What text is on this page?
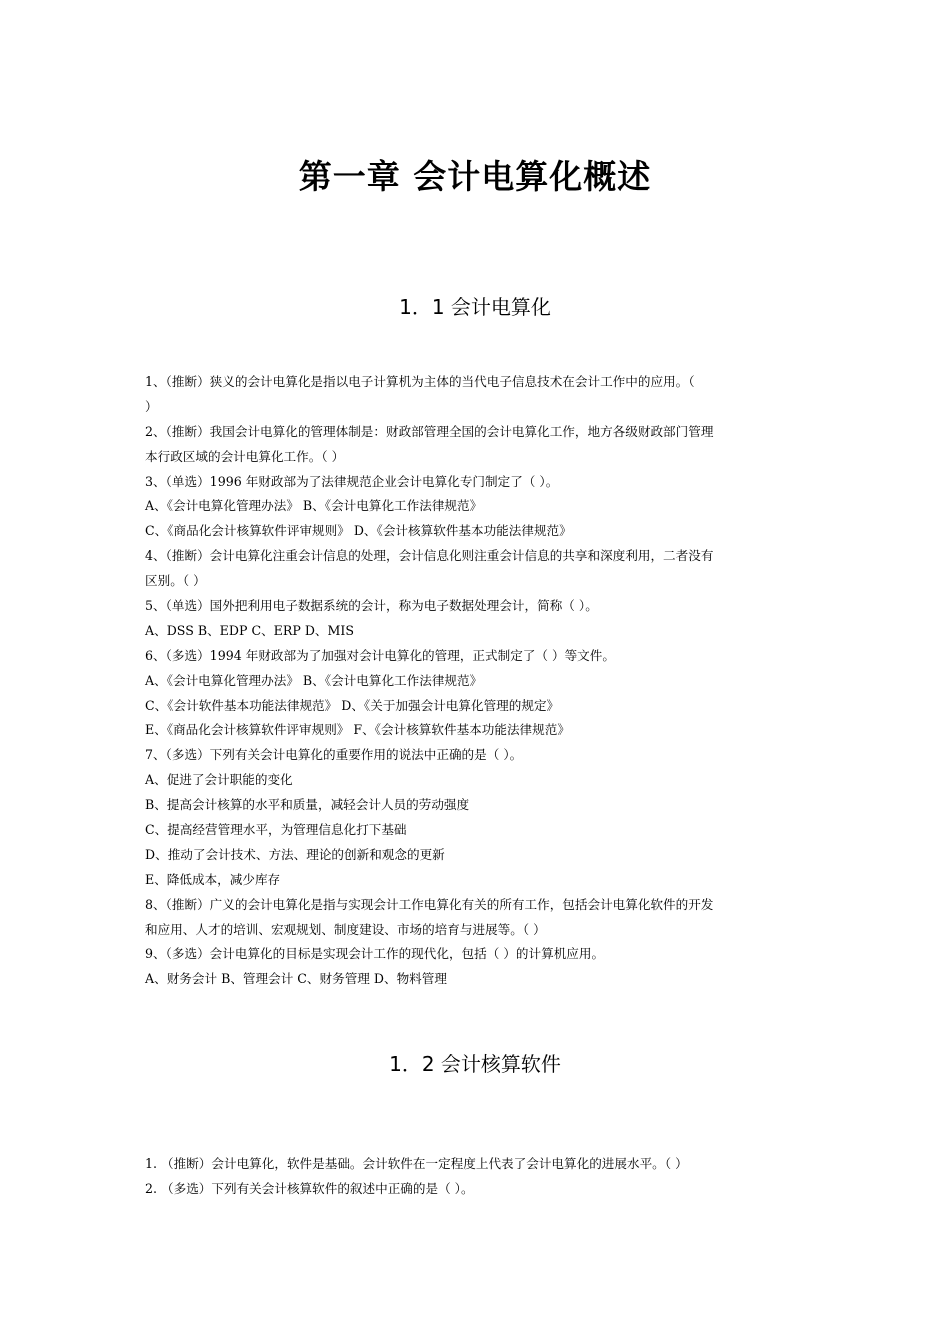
第一章 会计电算化概述
1．1 会计电算化
1、（推断）狭义的会计电算化是指以电子计算机为主体的当代电子信息技术在会计工作中的应用。（
）
2、（推断）我国会计电算化的管理体制是：财政部管理全国的会计电算化工作，地方各级财政部门管理
本行政区域的会计电算化工作。（ ）
3、（单选）1996 年财政部为了法律规范企业会计电算化专门制定了（ ）。
A、《会计电算化管理办法》 B、《会计电算化工作法律规范》
C、《商品化会计核算软件评审规则》 D、《会计核算软件基本功能法律规范》
4、（推断）会计电算化注重会计信息的处理，会计信息化则注重会计信息的共享和深度利用，二者没有
区别。（ ）
5、（单选）国外把利用电子数据系统的会计，称为电子数据处理会计，简称（ ）。
A、DSS B、EDP C、ERP D、MIS
6、（多选）1994 年财政部为了加强对会计电算化的管理，正式制定了（ ）等文件。
A、《会计电算化管理办法》 B、《会计电算化工作法律规范》
C、《会计软件基本功能法律规范》 D、《关于加强会计电算化管理的规定》
E、《商品化会计核算软件评审规则》 F、《会计核算软件基本功能法律规范》
7、（多选）下列有关会计电算化的重要作用的说法中正确的是（ ）。
A、促进了会计职能的变化
B、提高会计核算的水平和质量，减轻会计人员的劳动强度
C、提高经营管理水平，为管理信息化打下基础
D、推动了会计技术、方法、理论的创新和观念的更新
E、降低成本，减少库存
8、（推断）广义的会计电算化是指与实现会计工作电算化有关的所有工作，包括会计电算化软件的开发
和应用、人才的培训、宏观规划、制度建设、市场的培育与进展等。（ ）
9、（多选）会计电算化的目标是实现会计工作的现代化，包括（ ）的计算机应用。
A、财务会计 B、管理会计 C、财务管理 D、物料管理
1．2 会计核算软件
1. （推断）会计电算化，软件是基础。会计软件在一定程度上代表了会计电算化的进展水平。（ ）
2. （多选）下列有关会计核算软件的叙述中正确的是（ ）。
